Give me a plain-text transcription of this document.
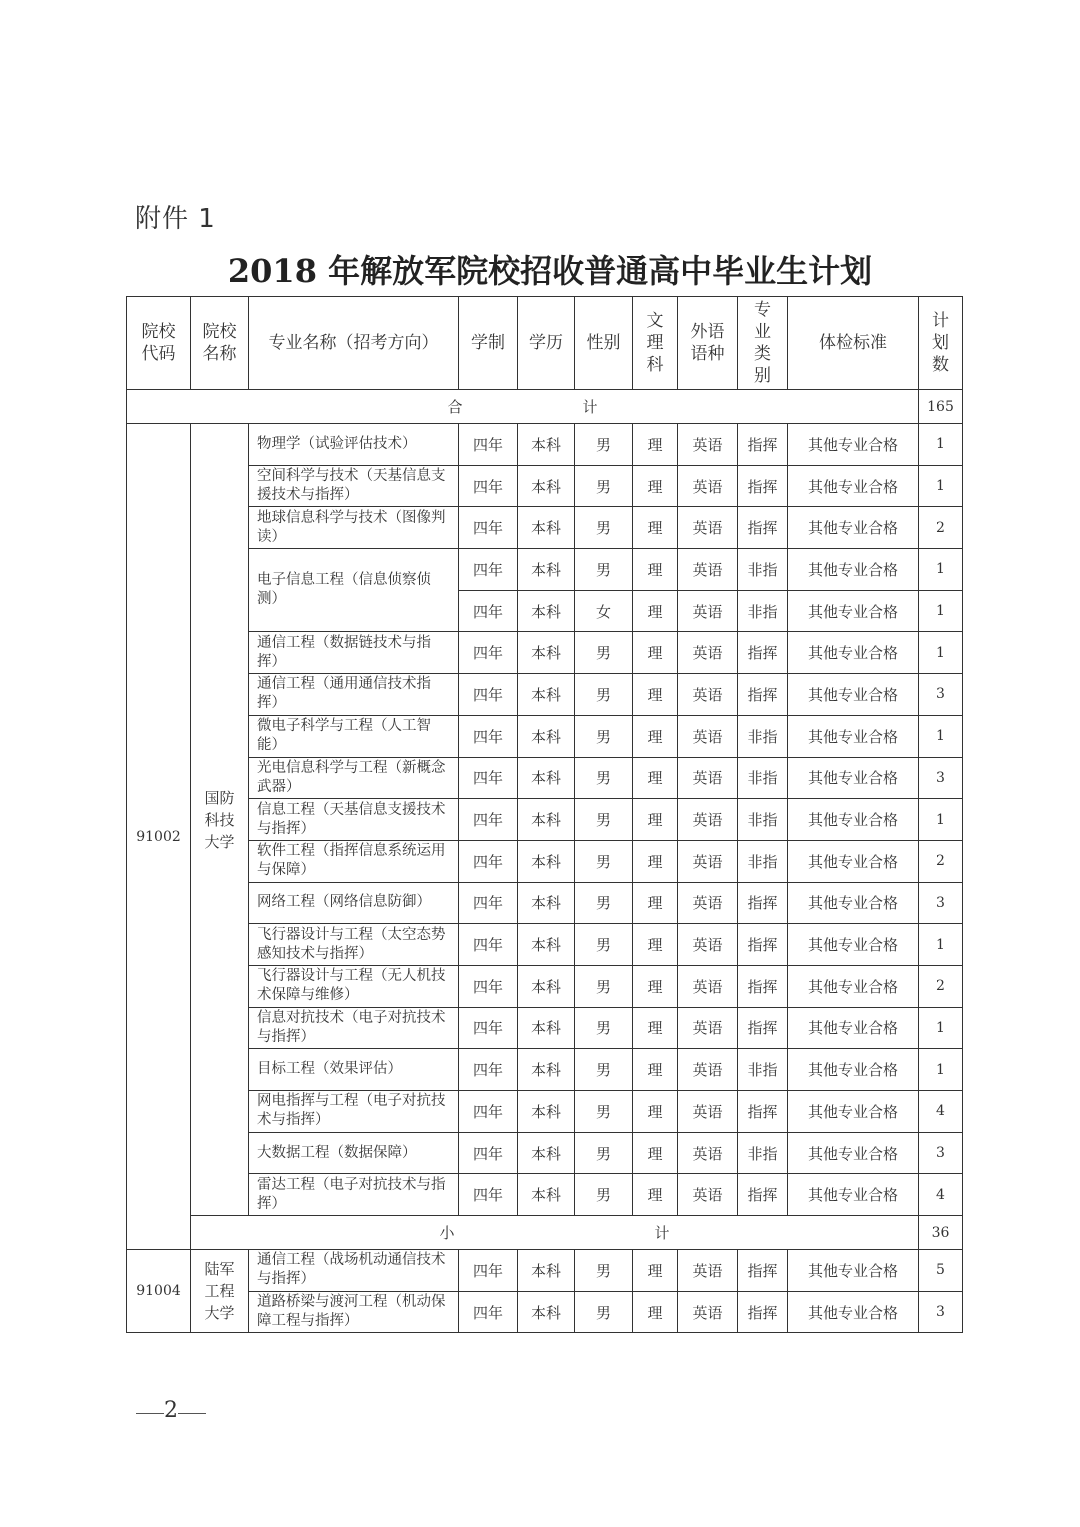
附件 1
2018 年解放军院校招收普通高中毕业生计划
院校代码	院校名称	专业名称（招考方向）	学制	学历	性别	文理科	外语语种	专业类别	体检标准	计划数
合 计										165
91002	国防科技大学	物理学（试验评估技术）	四年	本科	男	理	英语	指挥	其他专业合格	1
		空间科学与技术（天基信息支援技术与指挥）	四年	本科	男	理	英语	指挥	其他专业合格	1
		地球信息科学与技术（图像判读）	四年	本科	男	理	英语	指挥	其他专业合格	2
		电子信息工程（信息侦察侦测）	四年	本科	男	理	英语	非指	其他专业合格	1
			四年	本科	女	理	英语	非指	其他专业合格	1
		通信工程（数据链技术与指挥）	四年	本科	男	理	英语	指挥	其他专业合格	1
		通信工程（通用通信技术指挥）	四年	本科	男	理	英语	指挥	其他专业合格	3
		微电子科学与工程（人工智能）	四年	本科	男	理	英语	非指	其他专业合格	1
		光电信息科学与工程（新概念武器）	四年	本科	男	理	英语	非指	其他专业合格	3
		信息工程（天基信息支援技术与指挥）	四年	本科	男	理	英语	非指	其他专业合格	1
		软件工程（指挥信息系统运用与保障）	四年	本科	男	理	英语	非指	其他专业合格	2
		网络工程（网络信息防御）	四年	本科	男	理	英语	指挥	其他专业合格	3
		飞行器设计与工程（太空态势感知技术与指挥）	四年	本科	男	理	英语	指挥	其他专业合格	1
		飞行器设计与工程（无人机技术保障与维修）	四年	本科	男	理	英语	指挥	其他专业合格	2
		信息对抗技术（电子对抗技术与指挥）	四年	本科	男	理	英语	指挥	其他专业合格	1
		目标工程（效果评估）	四年	本科	男	理	英语	非指	其他专业合格	1
		网电指挥与工程（电子对抗技术与指挥）	四年	本科	男	理	英语	指挥	其他专业合格	4
		大数据工程（数据保障）	四年	本科	男	理	英语	非指	其他专业合格	3
		雷达工程（电子对抗技术与指挥）	四年	本科	男	理	英语	指挥	其他专业合格	4
	小 计									36
91004	陆军工程大学	通信工程（战场机动通信技术与指挥）	四年	本科	男	理	英语	指挥	其他专业合格	5
		道路桥梁与渡河工程（机动保障工程与指挥）	四年	本科	男	理	英语	指挥	其他专业合格	3
2
